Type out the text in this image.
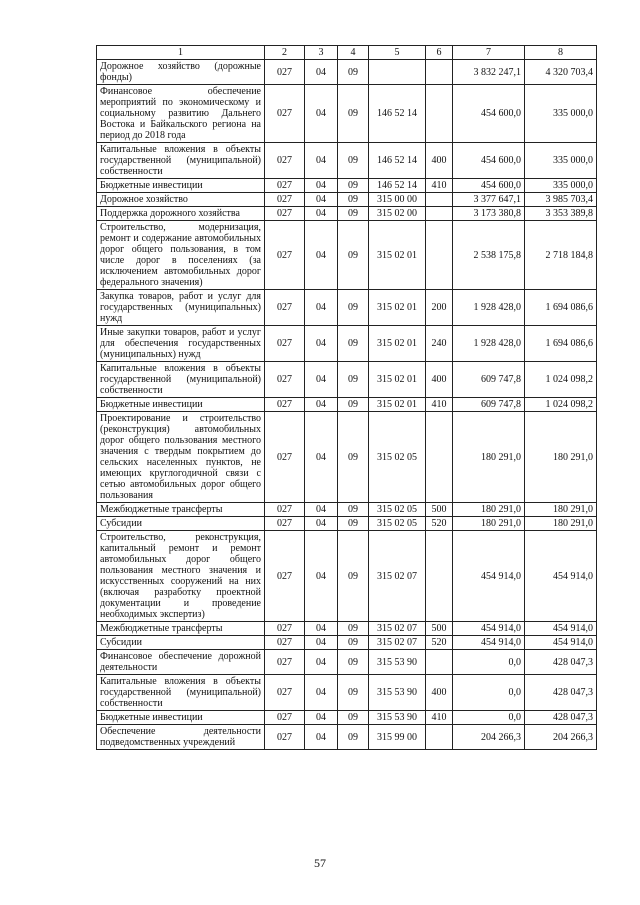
1	2	3	4	5	6	7	8
Дорожное хозяйство (дорожные фонды)	027	04	09			3 832 247,1	4 320 703,4
Финансовое обеспечение мероприятий по экономическому и социальному развитию Дальнего Востока и Байкальского региона на период до 2018 года	027	04	09	146 52 14		454 600,0	335 000,0
Капитальные вложения в объекты государственной (муниципальной) собственности	027	04	09	146 52 14	400	454 600,0	335 000,0
Бюджетные инвестиции	027	04	09	146 52 14	410	454 600,0	335 000,0
Дорожное хозяйство	027	04	09	315 00 00		3 377 647,1	3 985 703,4
Поддержка дорожного хозяйства	027	04	09	315 02 00		3 173 380,8	3 353 389,8
Строительство, модернизация, ремонт и содержание автомобильных дорог общего пользования, в том числе дорог в поселениях (за исключением автомобильных дорог федерального значения)	027	04	09	315 02 01		2 538 175,8	2 718 184,8
Закупка товаров, работ и услуг для государственных (муниципальных) нужд	027	04	09	315 02 01	200	1 928 428,0	1 694 086,6
Иные закупки товаров, работ и услуг для обеспечения государственных (муниципальных) нужд	027	04	09	315 02 01	240	1 928 428,0	1 694 086,6
Капитальные вложения в объекты государственной (муниципальной) собственности	027	04	09	315 02 01	400	609 747,8	1 024 098,2
Бюджетные инвестиции	027	04	09	315 02 01	410	609 747,8	1 024 098,2
Проектирование и строительство (реконструкция) автомобильных дорог общего пользования местного значения с твердым покрытием до сельских населенных пунктов, не имеющих круглогодичной связи с сетью автомобильных дорог общего пользования	027	04	09	315 02 05		180 291,0	180 291,0
Межбюджетные трансферты	027	04	09	315 02 05	500	180 291,0	180 291,0
Субсидии	027	04	09	315 02 05	520	180 291,0	180 291,0
Строительство, реконструкция, капитальный ремонт и ремонт автомобильных дорог общего пользования местного значения и искусственных сооружений на них (включая разработку проектной документации и проведение необходимых экспертиз)	027	04	09	315 02 07		454 914,0	454 914,0
Межбюджетные трансферты	027	04	09	315 02 07	500	454 914,0	454 914,0
Субсидии	027	04	09	315 02 07	520	454 914,0	454 914,0
Финансовое обеспечение дорожной деятельности	027	04	09	315 53 90		0,0	428 047,3
Капитальные вложения в объекты государственной (муниципальной) собственности	027	04	09	315 53 90	400	0,0	428 047,3
Бюджетные инвестиции	027	04	09	315 53 90	410	0,0	428 047,3
Обеспечение деятельности подведомственных учреждений	027	04	09	315 99 00		204 266,3	204 266,3
57
